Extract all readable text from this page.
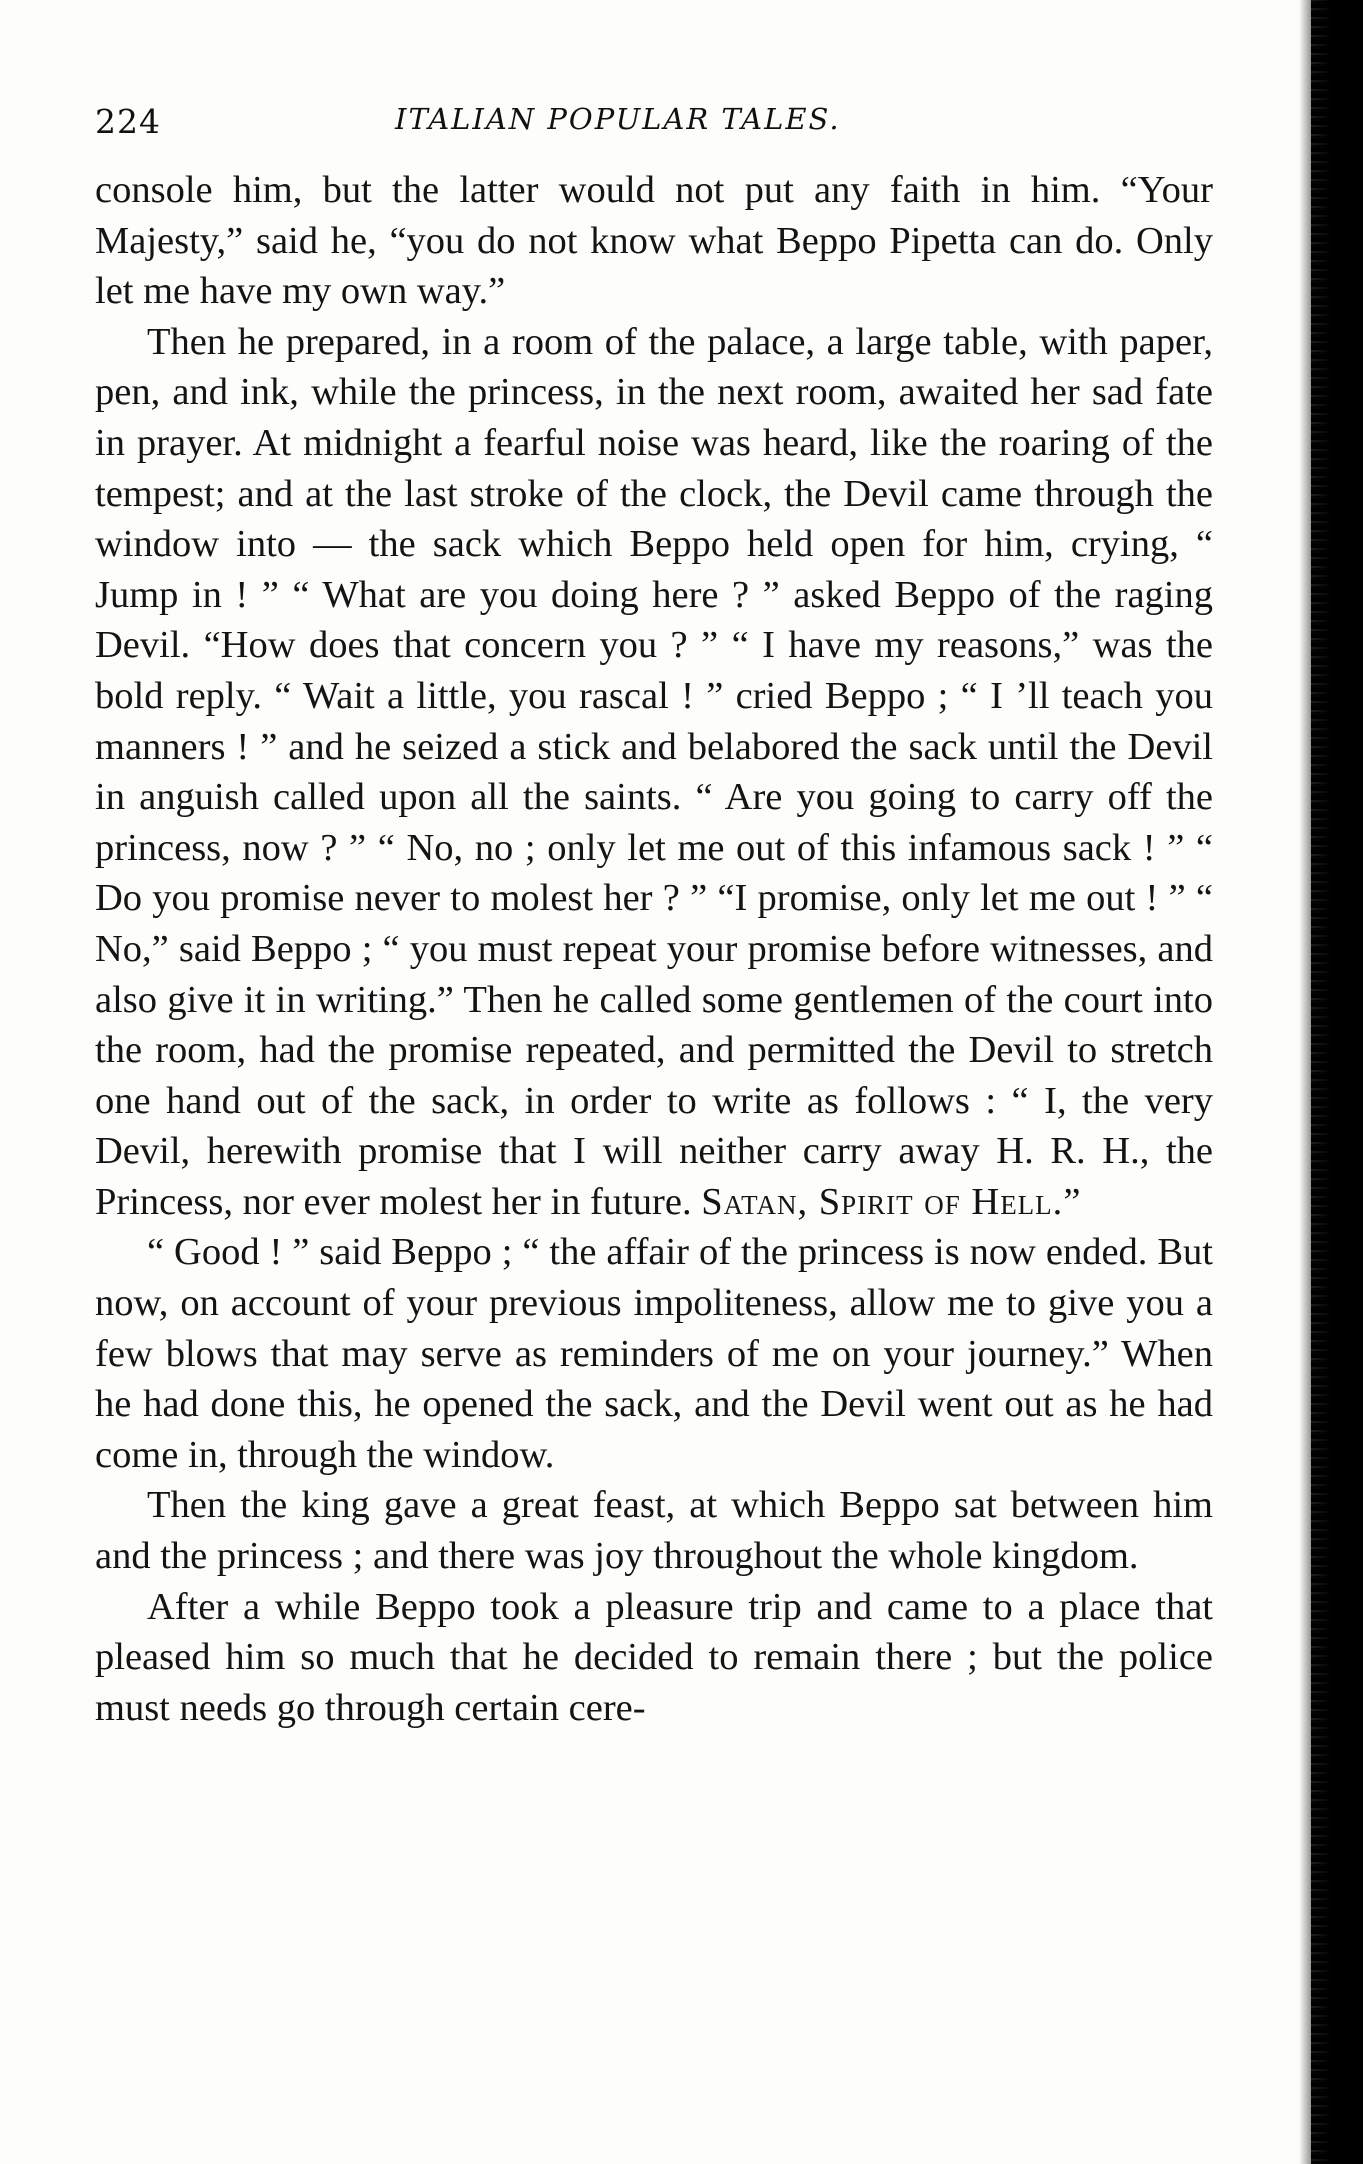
224	ITALIAN POPULAR TALES.

console him, but the latter would not put any faith in him. “Your Majesty,” said he, “you do not know what Beppo Pipetta can do. Only let me have my own way.”

Then he prepared, in a room of the palace, a large table, with paper, pen, and ink, while the princess, in the next room, awaited her sad fate in prayer. At midnight a fearful noise was heard, like the roaring of the tempest; and at the last stroke of the clock, the Devil came through the window into — the sack which Beppo held open for him, crying, “ Jump in ! ” “ What are you doing here ? ” asked Beppo of the raging Devil. “How does that concern you ? ” “ I have my reasons,” was the bold reply. “ Wait a little, you rascal ! ” cried Beppo ; “ I ’ll teach you manners ! ” and he seized a stick and belabored the sack until the Devil in anguish called upon all the saints. “ Are you going to carry off the princess, now ? ” “ No, no ; only let me out of this infamous sack ! ” “ Do you promise never to molest her ? ” “I promise, only let me out ! ” “ No,” said Beppo ; “ you must repeat your promise before witnesses, and also give it in writing.” Then he called some gentlemen of the court into the room, had the promise repeated, and permitted the Devil to stretch one hand out of the sack, in order to write as follows : “ I, the very Devil, herewith promise that I will neither carry away H. R. H., the Princess, nor ever molest her in future. Satan, Spirit of Hell.”

“ Good ! ” said Beppo ; “ the affair of the princess is now ended. But now, on account of your previous impoliteness, allow me to give you a few blows that may serve as reminders of me on your journey.” When he had done this, he opened the sack, and the Devil went out as he had come in, through the window.

Then the king gave a great feast, at which Beppo sat between him and the princess ; and there was joy throughout the whole kingdom.

After a while Beppo took a pleasure trip and came to a place that pleased him so much that he decided to remain there ; but the police must needs go through certain cere-
